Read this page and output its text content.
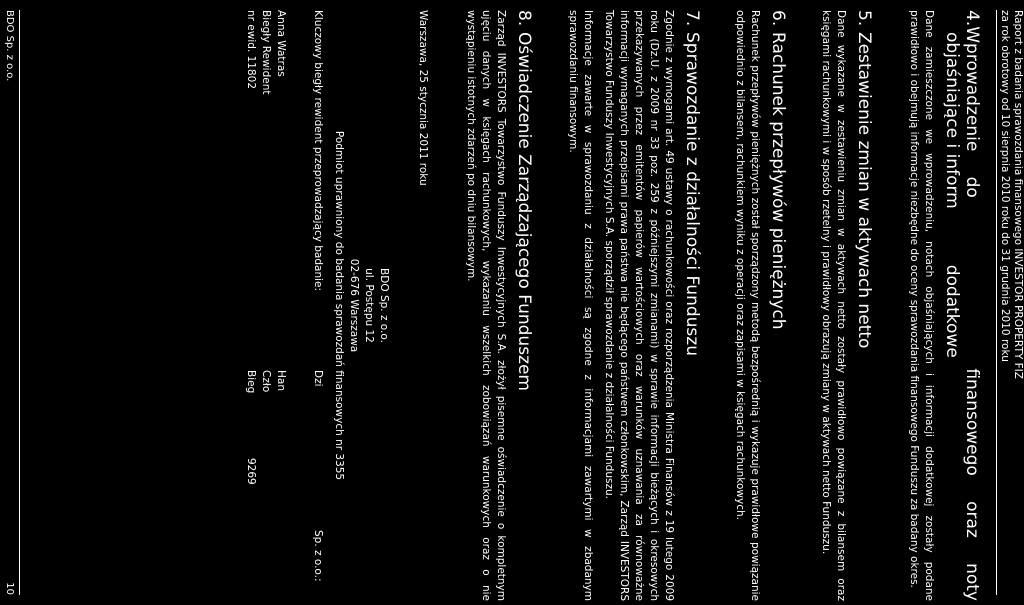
Raport z badania sprawozdania finansowego INVESTOR PROPERTY FIZ
za rok obrotowy od 10 sierpnia 2010 roku do 31 grudnia 2010 roku
4.Wprowadzenie
do
finansowego
oraz
noty
objaśniające i inform
dodatkowe
Dane zamieszczone we wprowadzeniu, notach objaśniających i informacji dodatkowej zostały podane prawidłowo i obejmują informacje niezbędne do oceny sprawozdania finansowego Funduszu za badany okres.
5.Zestawienie zmian w aktywach netto
Dane wykazane w zestawieniu zmian w aktywach netto zostały prawidłowo powiązane z bilansem oraz księgami rachunkowymi i w sposób rzetelny i prawidłowy obrazują zmiany w aktywach netto Funduszu.
6.Rachunek przepływów pieniężnych
Rachunek przepływów pieniężnych został sporządzony metodą bezpośrednią i wykazuje prawidłowe powiązanie odpowiednio z bilansem, rachunkiem wyniku z operacji oraz zapisami w księgach rachunkowych.
7.Sprawozdanie z działalności Funduszu
Zgodnie z wymogami art. 49 ustawy o rachunkowości oraz rozporządzenia Ministra Finansów z 19 lutego 2009 roku (Dz.U. z 2009 nr 33 poz. 259 z późniejszymi zmianami) w sprawie informacji bieżących i okresowych przekazywanych przez emitentów papierów wartościowych oraz warunków uznawania za równoważne informacji wymaganych przepisami prawa państwa nie będącego państwem członkowskim, Zarząd INVESTORS Towarzystwo Funduszy Inwestycyjnych S.A. sporządził sprawozdanie z działalności Funduszu.
Informacje zawarte w sprawozdaniu z działalności są zgodne z informacjami zawartymi w zbadanym sprawozdaniu finansowym.
8.Oświadczenie Zarządzającego Funduszem
Zarząd INVESTORS Towarzystwo Funduszy Inwestycyjnych S.A. złożył pisemne oświadczenie o kompletnym ujęciu danych w księgach rachunkowych, wykazaniu wszelkich zobowiązań warunkowych oraz o nie wystąpieniu istotnych zdarzeń po dniu bilansowym.
Warszawa, 25 stycznia 2011 roku
BDO Sp. z o.o.
ul. Postępu 12
02-676 Warszawa
Podmiot uprawniony do badania sprawozdań finansowych nr 3355
Kluczowy biegły rewident przeprowadzający badanie:
Dzi
Sp. z o.o.:
Anna Watras
Han
Biegły Rewident
Czło
nr ewid. 11802
Bieg
9269
BDO Sp. z o.o.
10
